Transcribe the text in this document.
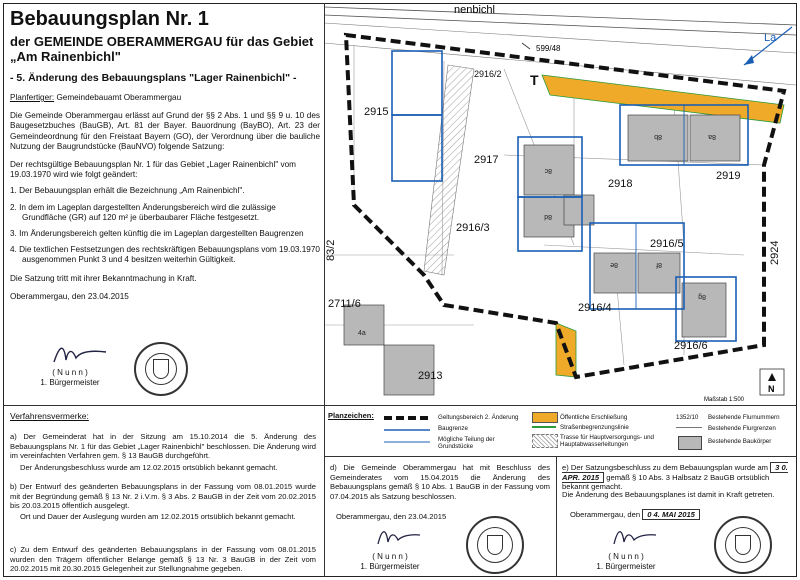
Bebauungsplan Nr. 1
der GEMEINDE OBERAMMERGAU für das Gebiet „Am Rainenbichl"
- 5. Änderung des Bebauungsplans "Lager Rainenbichl" -

Planfertiger: Gemeindebauamt Oberammergau

Die Gemeinde Oberammergau erlässt auf Grund der §§ 2 Abs. 1 und §§ 9 u. 10 des Baugesetzbuches (BauGB), Art. 81 der Bayer. Bauordnung (BayBO), Art. 23 der Gemeindeordnung für den Freistaat Bayern (GO), der Verordnung über die bauliche Nutzung der Baugrundstücke (BauNVO) folgende Satzung:

Der rechtsgültige Bebauungsplan Nr. 1 für das Gebiet „Lager Rainenbichl" vom 19.03.1970 wird wie folgt geändert:

1. Der Bebauungsplan erhält die Bezeichnung „Am Rainenbichl".
2. In dem im Lageplan dargestellten Änderungsbereich wird die zulässige Grundfläche (GR) auf 120 m² je überbaubarer Fläche festgesetzt.
3. Im Änderungsbereich gelten künftig die im Lageplan dargestellten Baugrenzen
4. Die textlichen Festsetzungen des rechtskräftigen Bebauungsplans vom 19.03.1970 ausgenommen Punkt 3 und 4 besitzen weiterhin Gültigkeit.

Die Satzung tritt mit ihrer Bekanntmachung in Kraft.

Oberammergau, den 23.04.2015

( N u n n )
1. Bürgermeister
nenbichl
599/48
La
8c
8d
8b	8a
8e	8f
8g
4a
2915
2916/2 T
2917
2918
2919
2916/3
2916/5
2916/4
2916/6
2924
2711/6
2913
83/2
N
Maßstab 1:500
Verfahrensvermerke:
a) Der Gemeinderat hat in der Sitzung am 15.10.2014 die 5. Änderung des Bebauungsplans Nr. 1 für das Gebiet „Lager Rainenbichl" beschlossen. Die Änderung wird im vereinfachten Verfahren gem. § 13 BauGB durchgeführt.
Der Änderungsbeschluss wurde am 12.02.2015 ortsüblich bekannt gemacht.
b) Der Entwurf des geänderten Bebauungsplans in der Fassung vom 08.01.2015 wurde mit der Begründung gemäß § 13 Nr. 2 i.V.m. § 3 Abs. 2 BauGB in der Zeit vom 20.02.2015 bis 20.03.2015 öffentlich ausgelegt.
Ort und Dauer der Auslegung wurden am 12.02.2015 ortsüblich bekannt gemacht.
c) Zu dem Entwurf des geänderten Bebauungsplans in der Fassung vom 08.01.2015 wurden den Trägern öffentlicher Belange gemäß § 13 Nr. 3 BauGB in der Zeit vom 20.02.2015 mit 20.30.2015 Gelegenheit zur Stellungnahme gegeben.
Planzeichen:	Geltungsbereich 2. Änderung
Baugrenze
Mögliche Teilung der Grundstücke
Öffentliche Erschließung
Straßenbegrenzungslinie
Trasse für Hauptversorgungs- und Hauptabwasserleitungen
1352/10 Bestehende Flurnummern
Bestehende Flurgrenzen
Bestehende Baukörper
d) Die Gemeinde Oberammergau hat mit Beschluss des Gemeinderates vom 15.04.2015 die Änderung des Bebauungsplans gemäß § 10 Abs. 1 BauGB in der Fassung vom 07.04.2015 als Satzung beschlossen.
Oberammergau, den 23.04.2015
( N u n n )
1. Bürgermeister
e) Der Satzungsbeschluss zu dem Bebauungsplan wurde am 3 0. APR. 2015 gemäß § 10 Abs. 3 Halbsatz 2 BauGB ortsüblich bekannt gemacht.
Die Änderung des Bebauungsplanes ist damit in Kraft getreten.
Oberammergau, den 0 4. MAI 2015
( N u n n )
1. Bürgermeister
